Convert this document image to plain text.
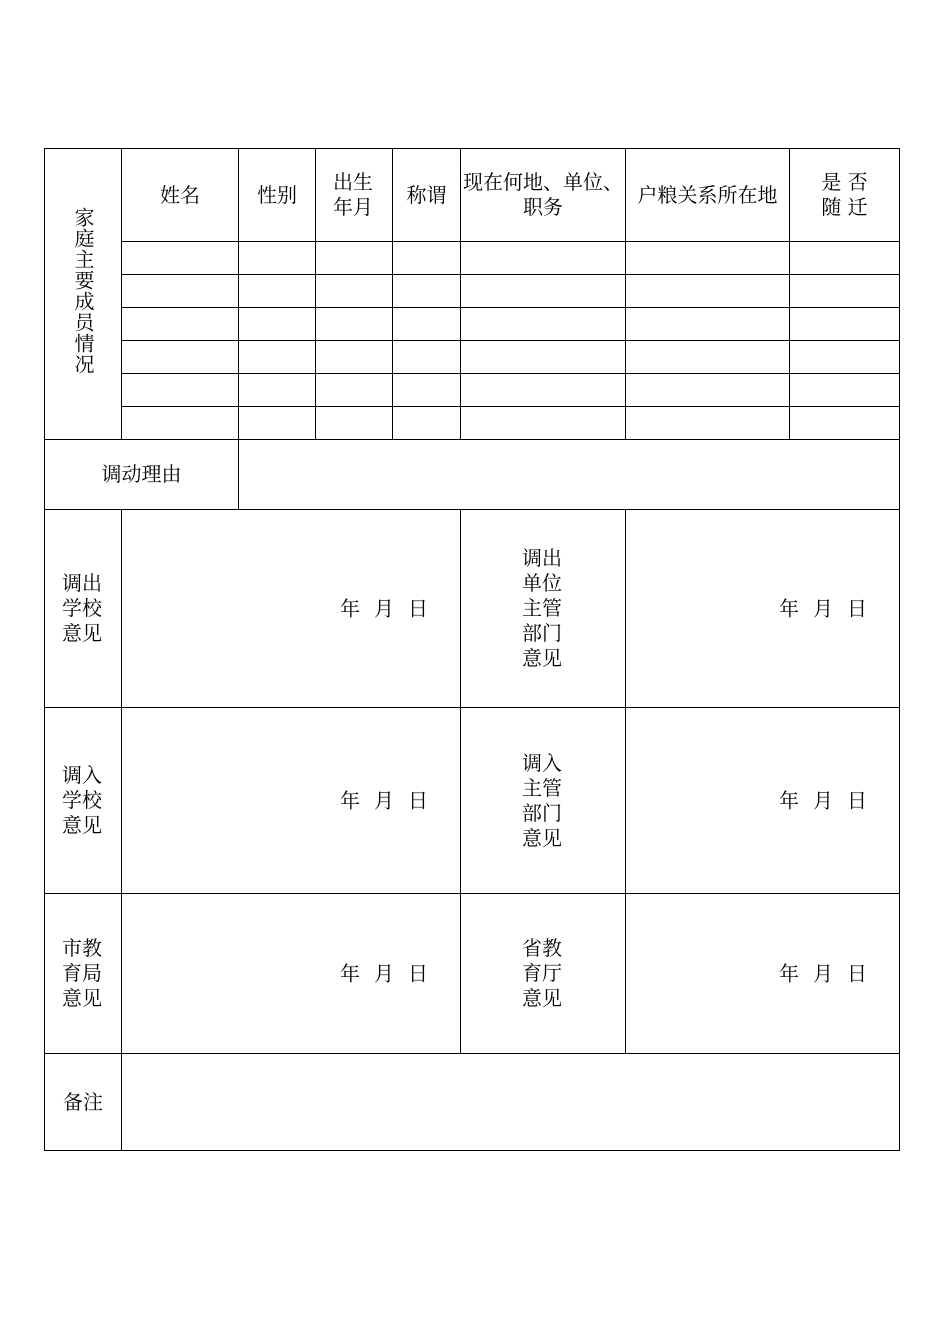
家庭主要成员情况	姓名	性别	出生年月	称谓	现在何地、单位、职务	户粮关系所在地	是 否 随 迁

调动理由							
调出学校意见	年 月 日				调出单位主管部门意见	年 月 日	

调入学校意见	年 月 日				调入主管部门意见	年 月 日	

市教育局意见	年 月 日				省教育厅意见	年 月 日	

备注							
